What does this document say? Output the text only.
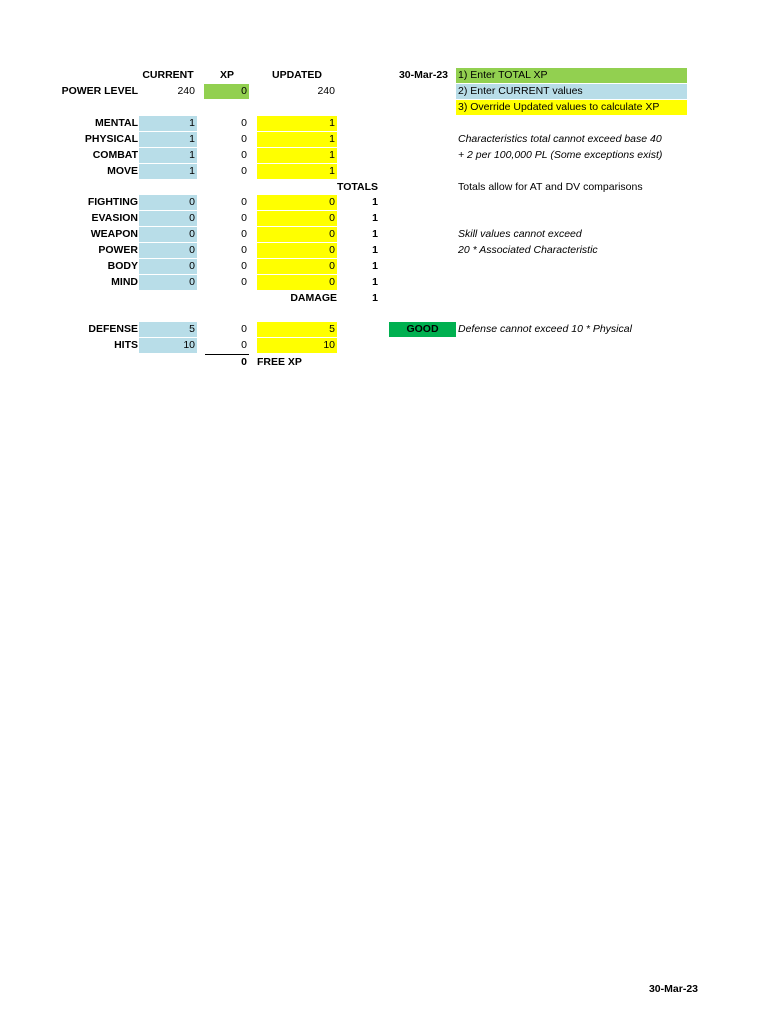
CURRENT	XP	UPDATED	30-Mar-23 1) Enter TOTAL XP
2) Enter CURRENT values
3) Override Updated values to calculate XP
POWER LEVEL	240	0	240
MENTAL	1	0	1
PHYSICAL	1	0	1
COMBAT	1	0	1
MOVE	1	0	1
Characteristics total cannot exceed base 40
+ 2 per 100,000 PL (Some exceptions exist)
TOTALS	Totals allow for AT and DV comparisons
FIGHTING	0	0	0	1
EVASION	0	0	0	1
WEAPON	0	0	0	1
POWER	0	0	0	1
BODY	0	0	0	1
MIND	0	0	0	1
Skill values cannot exceed
20 * Associated Characteristic
DAMAGE	1
DEFENSE	5	0	5	GOOD	Defense cannot exceed 10 * Physical
HITS	10	0	10
0 FREE XP
30-Mar-23
